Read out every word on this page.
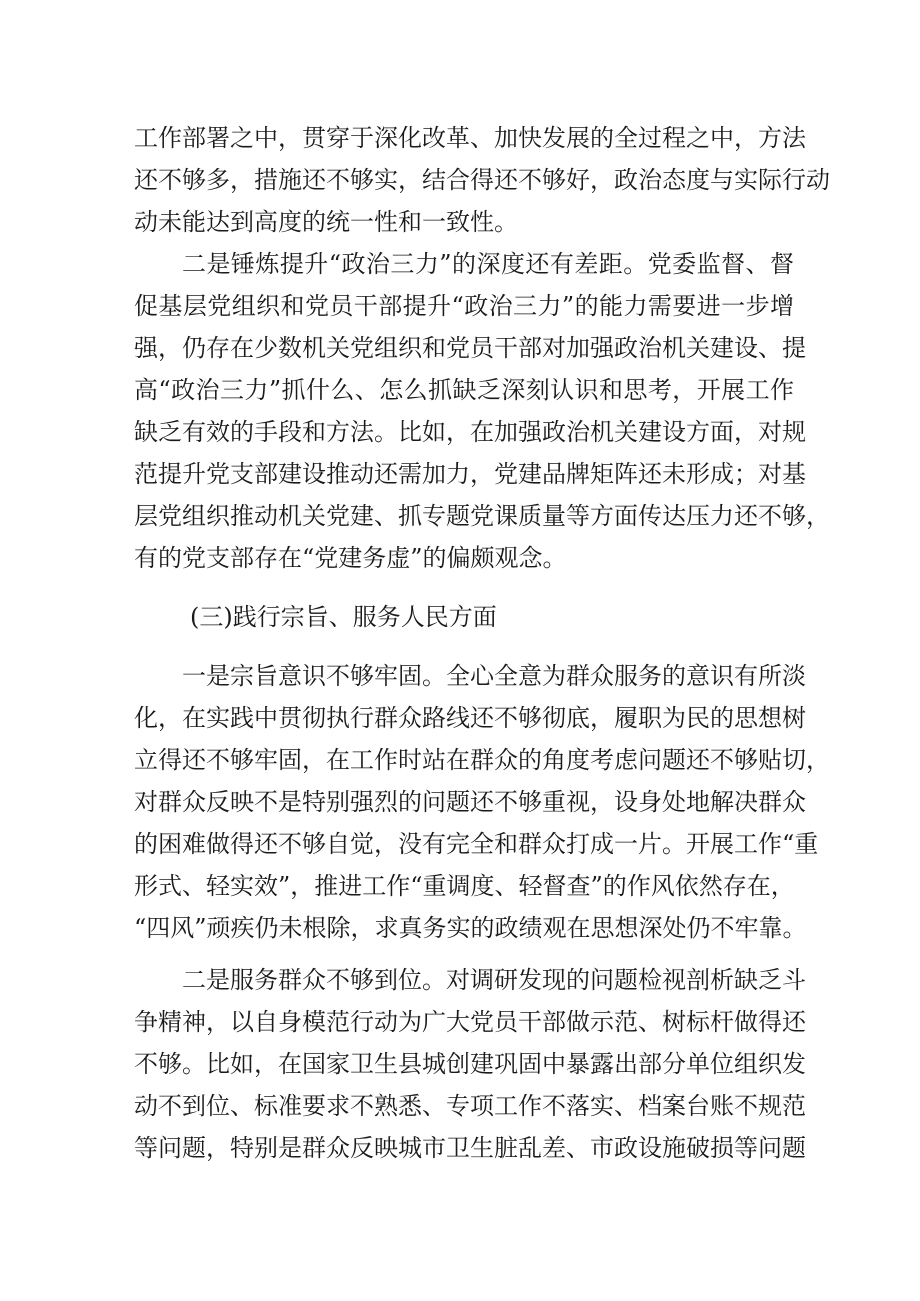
工作部署之中，贯穿于深化改革、加快发展的全过程之中，方法

还不够多，措施还不够实，结合得还不够好，政治态度与实际行动

动未能达到高度的统一性和一致性。

二是锤炼提升“政治三力”的深度还有差距。党委监督、督

促基层党组织和党员干部提升“政治三力”的能力需要进一步增

强，仍存在少数机关党组织和党员干部对加强政治机关建设、提

高“政治三力”抓什么、怎么抓缺乏深刻认识和思考，开展工作

缺乏有效的手段和方法。比如，在加强政治机关建设方面，对规

范提升党支部建设推动还需加力，党建品牌矩阵还未形成；对基

层党组织推动机关党建、抓专题党课质量等方面传达压力还不够，

有的党支部存在“党建务虚”的偏颇观念。

(三)践行宗旨、服务人民方面

一是宗旨意识不够牢固。全心全意为群众服务的意识有所淡

化，在实践中贯彻执行群众路线还不够彻底，履职为民的思想树

立得还不够牢固，在工作时站在群众的角度考虑问题还不够贴切，

对群众反映不是特别强烈的问题还不够重视，设身处地解决群众

的困难做得还不够自觉，没有完全和群众打成一片。开展工作“重

形式、轻实效”，推进工作“重调度、轻督查”的作风依然存在，

“四风”顽疾仍未根除，求真务实的政绩观在思想深处仍不牢靠。

二是服务群众不够到位。对调研发现的问题检视剖析缺乏斗

争精神，以自身模范行动为广大党员干部做示范、树标杆做得还

不够。比如，在国家卫生县城创建巩固中暴露出部分单位组织发

动不到位、标准要求不熟悉、专项工作不落实、档案台账不规范

等问题，特别是群众反映城市卫生脏乱差、市政设施破损等问题
